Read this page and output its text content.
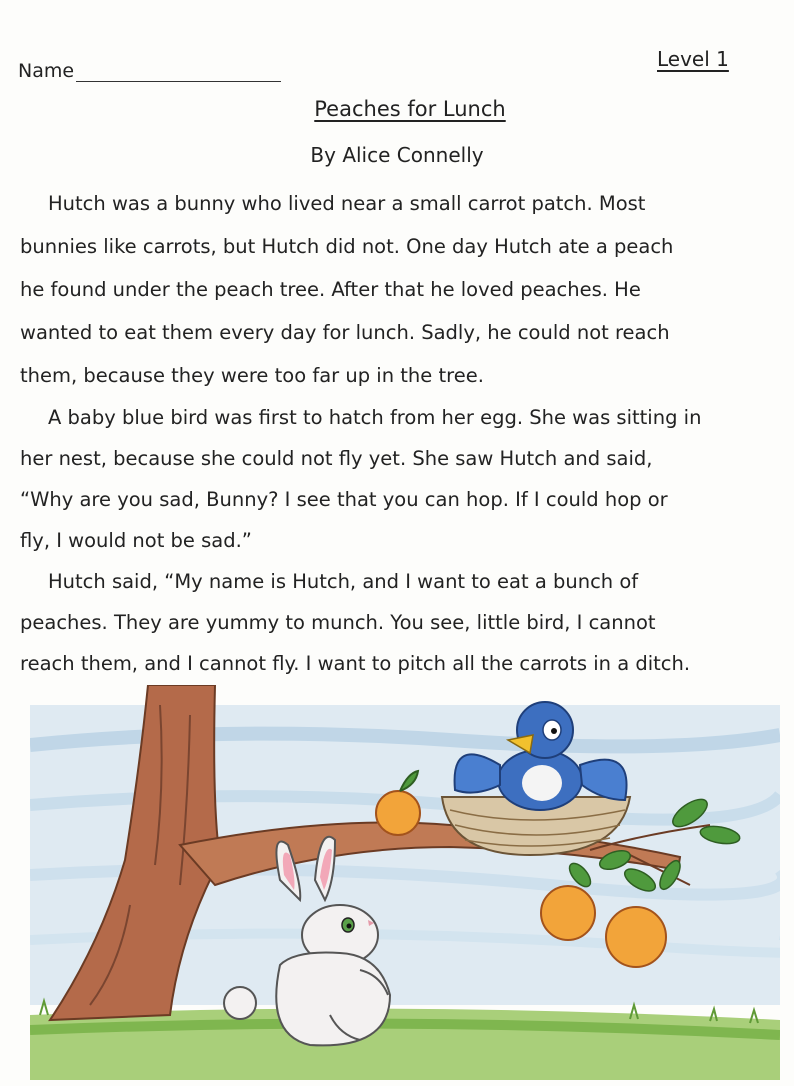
Name	Level 1
Peaches for Lunch
By Alice Connelly
Hutch was a bunny who lived near a small carrot patch. Most
bunnies like carrots, but Hutch did not. One day Hutch ate a peach
he found under the peach tree. After that he loved peaches. He
wanted to eat them every day for lunch. Sadly, he could not reach
them, because they were too far up in the tree.
A baby blue bird was first to hatch from her egg. She was sitting in
her nest, because she could not fly yet. She saw Hutch and said,
“Why are you sad, Bunny? I see that you can hop. If I could hop or
fly, I would not be sad.”
Hutch said, “My name is Hutch, and I want to eat a bunch of
peaches. They are yummy to munch. You see, little bird, I cannot
reach them, and I cannot fly. I want to pitch all the carrots in a ditch.
